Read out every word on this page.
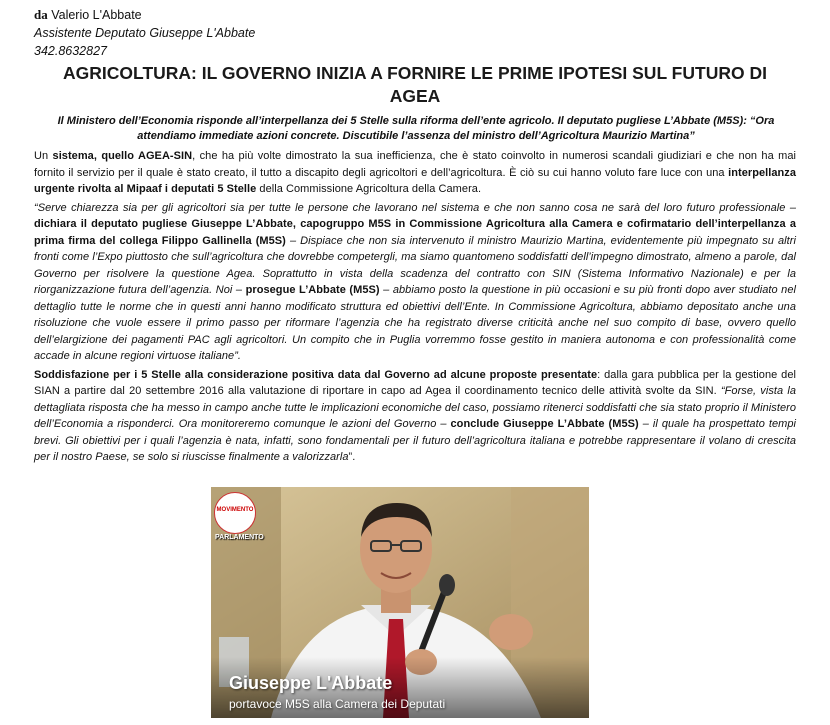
da Valerio L'Abbate
Assistente Deputato Giuseppe L'Abbate
342.8632827
AGRICOLTURA: IL GOVERNO INIZIA A FORNIRE LE PRIME IPOTESI SUL FUTURO DI AGEA
Il Ministero dell’Economia risponde all’interpellanza dei 5 Stelle sulla riforma dell’ente agricolo. Il deputato pugliese L’Abbate (M5S): “Ora attendiamo immediate azioni concrete. Discutibile l’assenza del ministro dell’Agricoltura Maurizio Martina”

Un sistema, quello AGEA-SIN, che ha più volte dimostrato la sua inefficienza, che è stato coinvolto in numerosi scandali giudiziari e che non ha mai fornito il servizio per il quale è stato creato, il tutto a discapito degli agricoltori e dell’agricoltura. È ciò su cui hanno voluto fare luce con una interpellanza urgente rivolta al Mipaaf i deputati 5 Stelle della Commissione Agricoltura della Camera.

“Serve chiarezza sia per gli agricoltori sia per tutte le persone che lavorano nel sistema e che non sanno cosa ne sarà del loro futuro professionale – dichiara il deputato pugliese Giuseppe L’Abbate, capogruppo M5S in Commissione Agricoltura alla Camera e cofirmatario dell’interpellanza a prima firma del collega Filippo Gallinella (M5S) – Dispiace che non sia intervenuto il ministro Maurizio Martina, evidentemente più impegnato su altri fronti come l’Expo piuttosto che sull’agricoltura che dovrebbe competergli, ma siamo quantomeno soddisfatti dell’impegno dimostrato, almeno a parole, dal Governo per risolvere la questione Agea. Soprattutto in vista della scadenza del contratto con SIN (Sistema Informativo Nazionale) e per la riorganizzazione futura dell’agenzia. Noi – prosegue L’Abbate (M5S) – abbiamo posto la questione in più occasioni e su più fronti dopo aver studiato nel dettaglio tutte le norme che in questi anni hanno modificato struttura ed obiettivi dell’Ente. In Commissione Agricoltura, abbiamo depositato anche una risoluzione che vuole essere il primo passo per riformare l’agenzia che ha registrato diverse criticità anche nel suo compito di base, ovvero quello dell’elargizione dei pagamenti PAC agli agricoltori. Un compito che in Puglia vorremmo fosse gestito in maniera autonoma e con professionalità come accade in alcune regioni virtuose italiane”.

Soddisfazione per i 5 Stelle alla considerazione positiva data dal Governo ad alcune proposte presentate: dalla gara pubblica per la gestione del SIAN a partire dal 20 settembre 2016 alla valutazione di riportare in capo ad Agea il coordinamento tecnico delle attività svolte da SIN. “Forse, vista la dettagliata risposta che ha messo in campo anche tutte le implicazioni economiche del caso, possiamo ritenerci soddisfatti che sia stato proprio il Ministero dell’Economia a risponderci. Ora monitoreremo comunque le azioni del Governo – conclude Giuseppe L’Abbate (M5S) – il quale ha prospettato tempi brevi. Gli obiettivi per i quali l’agenzia è nata, infatti, sono fondamentali per il futuro dell’agricoltura italiana e potrebbe rappresentare il volano di crescita per il nostro Paese, se solo si riuscisse finalmente a valorizzarla”.

MOVIMENTO
PARLAMENTO
Giuseppe L'Abbate
portavoce M5S alla Camera dei Deputati
